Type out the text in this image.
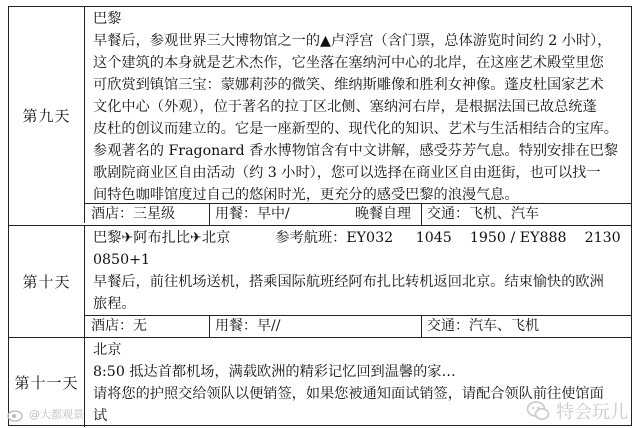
第九天

巴黎

早餐后，参观世界三大博物馆之一的▲卢浮宫（含门票，总体游览时间约 2 小时），

这个建筑的本身就是艺术杰作，它坐落在塞纳河中心的北岸，在这座艺术殿堂里您

可欣赏到镇馆三宝：蒙娜莉莎的微笑、维纳斯雕像和胜利女神像。蓬皮杜国家艺术

文化中心（外观），位于著名的拉丁区北侧、塞纳河右岸，是根据法国已故总统蓬

皮杜的创议而建立的。它是一座新型的、现代化的知识、艺术与生活相结合的宝库。

参观著名的 Fragonard 香水博物馆含有中文讲解，感受芬芳气息。特别安排在巴黎

歌剧院商业区自由活动（约 3 小时），您可以选择在商业区自由逛街，也可以找一

间特色咖啡馆度过自己的悠闲时光，更充分的感受巴黎的浪漫气息。

酒店：三星级	用餐：早中/	晚餐自理	交通：飞机、汽车
第十天

巴黎✈阿布扎比✈北京	参考航班：EY032 1045    1950 / EY888    2130

0850+1

早餐后，前往机场送机，搭乘国际航班经阿布扎比转机返回北京。结束愉快的欧洲

旅程。

酒店：无	用餐：早//	交通：汽车、飞机
第十一天

北京

8:50 抵达首都机场，满载欧洲的精彩记忆回到温馨的家…

请将您的护照交给领队以便销签，如果您被通知面试销签，请配合领队前往使馆面

试

@大都观景	特会玩儿
